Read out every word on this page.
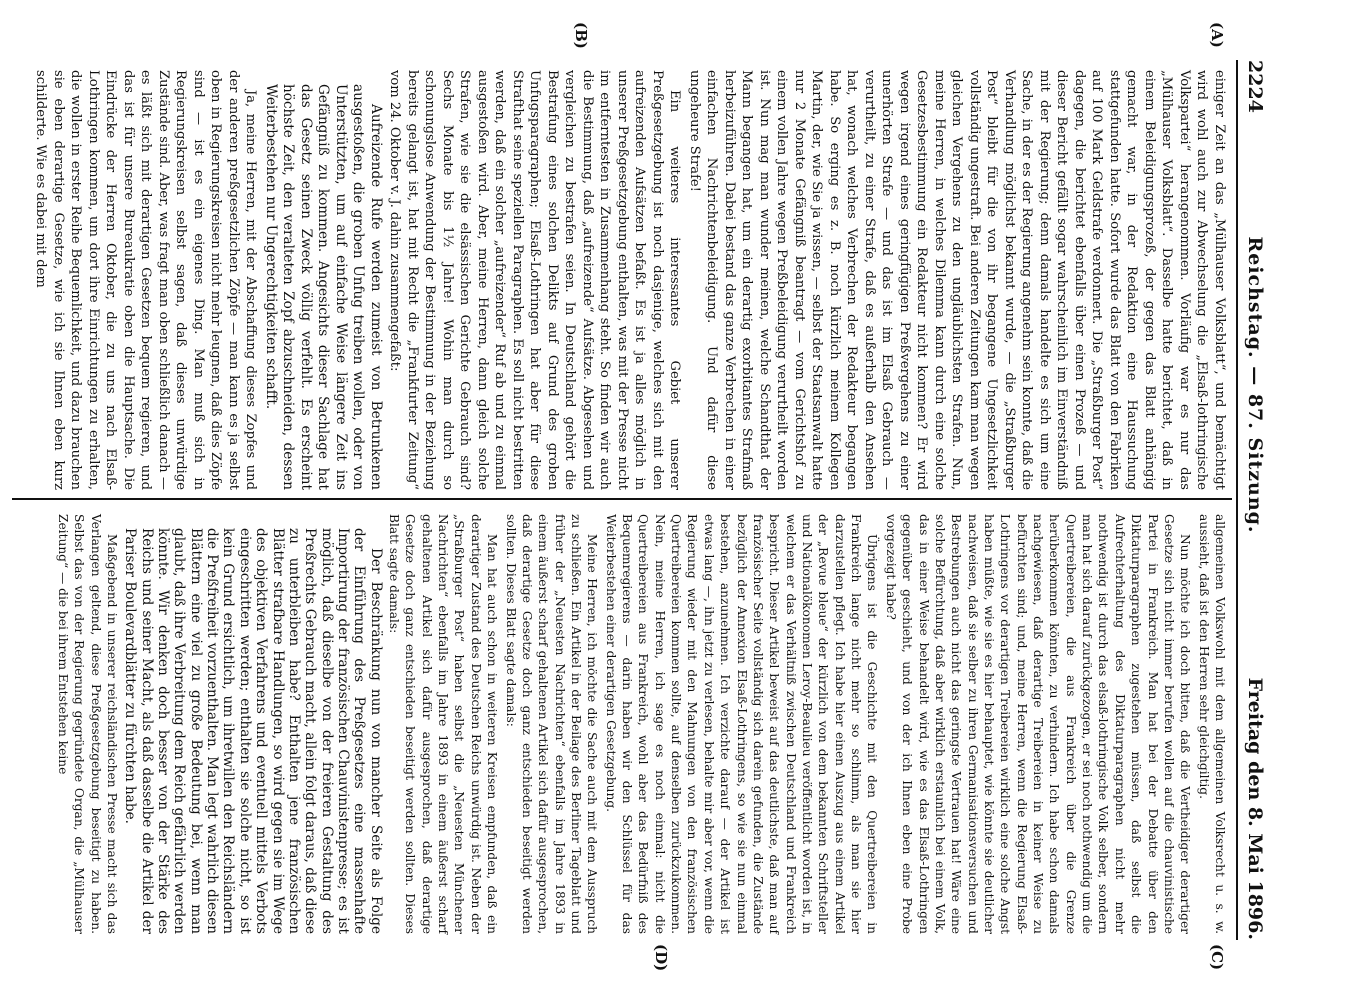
2224
Reichstag. — 87. Sitzung.
Freitag den 8. Mai 1896.
(A)
(B)
(C)
(D)

einiger Zeit an das „Mülhauser Volksblatt“, und bemächtigt wird wohl auch zur Abwechselung die „Elsaß-lothringische Volkspartei“ herangenommen. Vorläufig war es nur das „Mülhauser Volksblatt“. Dasselbe hatte berichtet, daß in einem Beleidigungsprozeß, der gegen das Blatt anhängig gemacht war, in der Redaktion eine Haussuchung stattgefunden hatte. Sofort wurde das Blatt von den Fabriken auf 100 Mark Geldstrafe verdonnert. Die „Straßburger Post“ dagegen, die berichtet ebenfalls über einen Prozeß — und dieser Bericht gefällt sogar wahrscheinlich im Einverständniß mit der Regierung; denn damals handelte es sich um eine Sache, in der es der Regierung angenehm sein konnte, daß die Verhandlung möglichst bekannt wurde, — die „Straßburger Post“ bleibt für die von ihr begangene Ungesetzlichkeit vollständig ungestraft. Bei anderen Zeitungen kam man wegen gleichen Vergehens zu den ungläublichsten Strafen. Nun, meine Herren, in welches Dilemma kann durch eine solche Gesetzesbestimmung ein Redakteur nicht kommen? Er wird wegen irgend eines geringfügigen Preßvergehens zu einer unerhörten Strafe — und das ist im Elsaß Gebrauch — verurtheilt, zu einer Strafe, daß es außerhalb den Ansehen hat, wonach welches Verbrechen der Redakteur begangen habe. So erging es z. B. noch kürzlich meinem Kollegen Martin, der, wie Sie ja wissen, — selbst der Staatsanwalt hatte nur 2 Monate Gefängniß beantragt — vom Gerichtshof zu einem vollen Jahre wegen Preßbeleidigung verurtheilt worden ist. Nun mag man wunder meinen, welche Schandthat der Mann begangen hat, um ein derartig exorbitantes Strafmaß herbeizuführen. Dabei bestand das ganze Verbrechen in einer einfachen Nachrichtenbeleidigung. Und dafür diese ungeheure Strafe!

Ein weiteres interessantes Gebiet unserer Preßgesetzgebung ist noch dasjenige, welches sich mit den aufreizenden Aufsätzen befaßt. Es ist ja alles möglich in unserer Preßgesetzgebung enthalten, was mit der Presse nicht im entferntesten in Zusammenhang steht. So finden wir auch die Bestimmung, daß „aufreizende“ Aufsätze. Abgesehen und vergleichen zu bestrafen seien. In Deutschland gehört die Bestrafung eines solchen Delikts auf Grund des groben Unfugsparagraphen; Elsaß-Lothringen hat aber für diese Strafthat seine speziellen Paragraphen. Es soll nicht bestritten werden, daß ein solcher „aufreizender“ Ruf ab und zu einmal ausgestoßen wird. Aber, meine Herren, dann gleich solche Strafen, wie sie die elsässischen Gerichte Gebrauch sind? Sechs Monate bis 1½ Jahre! Wohin man durch so schonungslose Anwendung der Bestimmung in der Beziehung bereits gelangt ist, hat mit Recht die „Frankfurter Zeitung“ vom 24. Oktober v. J. dahin zusammengefaßt:

Aufreizende Rufe werden zumeist von Betrunkenen ausgestoßen, die groben Unfug treiben wollen, oder von Unterstützten, um auf einfache Weise längere Zeit ins Gefängniß zu kommen. Angesichts dieser Sachlage hat das Gesetz seinen Zweck völlig verfehlt. Es erscheint höchste Zeit, den veralteten Zopf abzuschneiden, dessen Weiterbestehen nur Ungerechtigkeiten schafft.

Ja, meine Herren, mit der Abschaffung dieses Zopfes und der anderen preßgesetzlichen Zöpfe — man kann es ja selbst oben in Regierungskreisen nicht mehr leugnen, daß dies Zöpfe sind — ist es ein eigenes Ding. Man muß sich in Regierungskreisen selbst sagen, daß dieses unwürdige Zustände sind. Aber, was fragt man oben schließlich danach — es läßt sich mit derartigen Gesetzen bequem regieren, und das ist für unsere Bureaukratie oben die Hauptsache. Die Eindrücke der Herren Oktober, die zu uns nach Elsaß-Lothringen kommen, um dort ihre Einrichtungen zu erhalten, die wollen in erster Reihe Bequemlichkeit, und dazu brauchen sie eben derartige Gesetze, wie ich sie Ihnen eben kurz schilderte. Wie es dabei mit dem

allgemeinen Volkswohl mit dem allgemeinen Volksrecht u. s. w. aussieht, daß ist den Herren sehr gleichgiltig.

Nun möchte ich doch bitten, daß die Vertheidiger derartiger Gesetze sich nicht immer berufen wollen auf die chauvinistische Partei in Frankreich. Man hat bei der Debatte über den Diktaturparagraphen zugestehen müssen, daß selbst die Aufrechterhaltung des Diktaturparagraphen nicht mehr nothwendig ist durch das elsaß-lothringische Volk selber, sondern man hat sich darauf zurückgezogen, er sei noch nothwendig um die Quertreibereien, die aus Frankreich über die Grenze herüberkommen könnten, zu verhindern. Ich habe schon damals nachgewiesen, daß derartige Treibereien in keiner Weise zu befürchten sind; und, meine Herren, wenn die Regierung Elsaß-Lothringens vor derartigen Treibereien wirklich eine solche Angst haben müßte, wie sie es hier behauptet, wie könnte sie deutlicher nachweisen, daß sie selber zu ihren Germanisationsversuchen und Bestrebungen auch nicht das geringste Vertrauen hat! Wäre eine solche Befürchtung, daß aber wirklich erstaunlich bei einem Volk, das in einer Weise behandelt wird, wie es das Elsaß-Lothringen gegenüber geschieht, und von der ich Ihnen eben eine Probe vorgezeigt habe?

Übrigens ist die Geschichte mit den Quertreibereien in Frankreich lange nicht mehr so schlimm, als man sie hier darzustellen pflegt. Ich habe hier einen Auszug aus einem Artikel der „Revue bleue“ der kürzlich von dem bekannten Schriftsteller und Nationalökonomen Leroy-Beaulieu veröffentlicht worden ist, in welchem er das Verhältniß zwischen Deutschland und Frankreich bespricht. Dieser Artikel beweist auf das deutlichste, daß man auf französischer Seite vollständig sich darein gefunden, die Zustände bezüglich der Annexion Elsaß-Lothringens, so wie sie nun einmal bestehen, anzunehmen. Ich verzichte darauf — der Artikel ist etwas lang —, ihn jetzt zu verlesen, behalte mir aber vor, wenn die Regierung wieder mit den Mahnungen von den französischen Quertreibereien kommen sollte, auf denselben zurückzukommen. Nein, meine Herren, ich sage es noch einmal: nicht die Quertreibereien aus Frankreich, wohl aber das Bedürfniß des Bequemregierens — darin haben wir den Schlüssel für das Weiterbestehen einer derartigen Gesetzgebung.

Meine Herren, ich möchte die Sache auch mit dem Ausspruch zu schließen. Ein Artikel in der Beilage des Berliner Tageblatt und früher der „Neuesten Nachrichten“ ebenfalls im Jahre 1893 in einem äußerst scharf gehaltenen Artikel sich dafür ausgesprochen, daß derartige Gesetze doch ganz entschieden beseitigt werden sollten. Dieses Blatt sagte damals:

Man hat auch schon in weiteren Kreisen empfunden, daß ein derartiger Zustand des Deutschen Reichs unwürdig ist. Neben der „Straßburger Post“ haben selbst die „Neuesten Münchener Nachrichten“ ebenfalls im Jahre 1893 in einem äußerst scharf gehaltenen Artikel sich dafür ausgesprochen, daß derartige Gesetze doch ganz entschieden beseitigt werden sollten. Dieses Blatt sagte damals:

Der Beschränkung nun von mancher Seite als Folge der Einführung des Preßgesetzes eine massenhafte Importirung der französischen Chauvinistenpresse; es ist möglich, daß dieselbe von der freieren Gestaltung des Preßrechts Gebrauch macht, allein folgt daraus, daß diese zu unterbleiben habe? Enthalten jene französischen Blätter strafbare Handlungen, so wird gegen sie im Wege des objektiven Verfahrens und eventuell mittels Verbots eingeschritten werden; enthalten sie solche nicht, so ist kein Grund ersichtlich, um ihretwillen den Reichsländern die Preßfreiheit vorzuenthalten. Man legt wahrlich diesen Blättern eine viel zu große Bedeutung bei, wenn man glaubt, daß ihre Verbreitung dem Reich gefährlich werden könnte. Wir denken doch besser von der Stärke des Reichs und seiner Macht, als daß dasselbe die Artikel der Pariser Boulevardblätter zu fürchten habe.

Maßgebend in unserer reichsländischen Presse macht sich das Verlangen geltend, diese Preßgesetzgebung beseitigt zu haben. Selbst das von der Regierung gegründete Organ, die „Mülhauser Zeitung“ — die bei ihrem Entstehen keine
